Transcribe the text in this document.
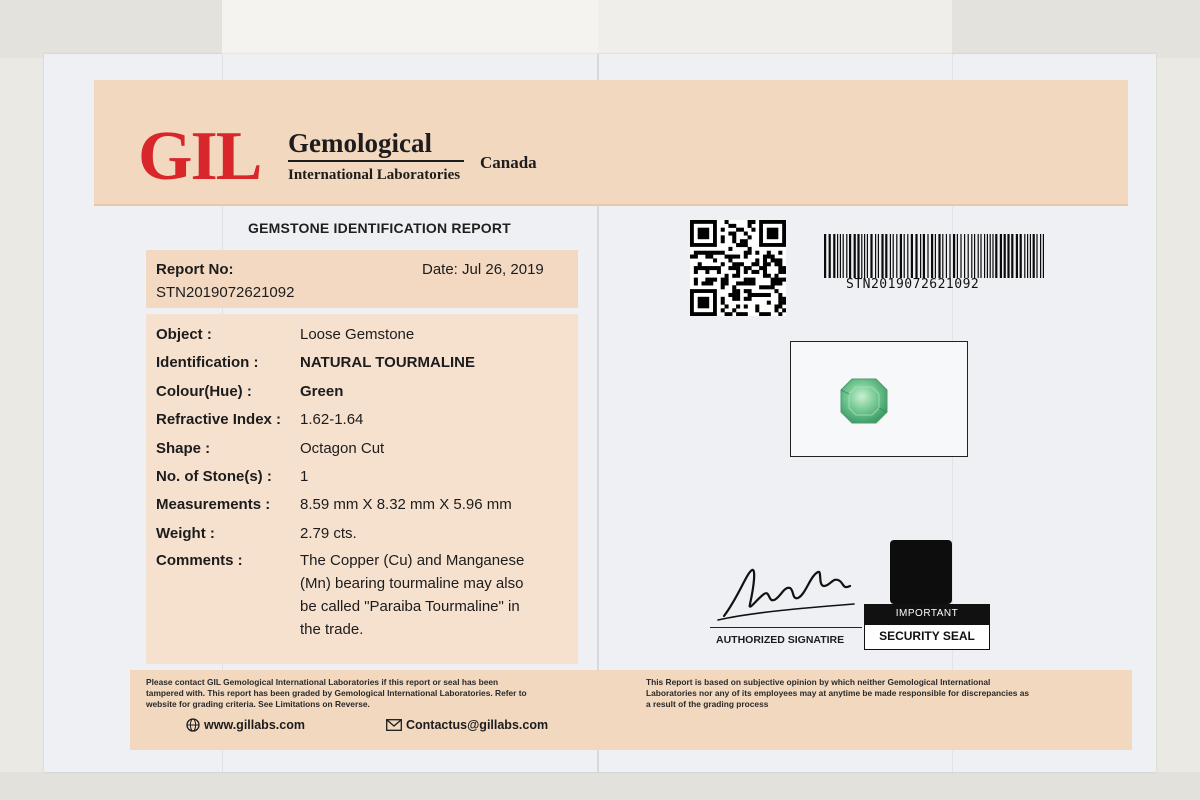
GIL Gemological
International Laboratories
Canada
GEMSTONE IDENTIFICATION REPORT
Report No:	Date: Jul 26, 2019
STN2019072621092
Object :	Loose Gemstone
Identification :	NATURAL TOURMALINE
Colour(Hue) :	Green
Refractive Index : 1.62-1.64
Shape :	Octagon Cut
No. of Stone(s) : 1
Measurements : 8.59 mm X 8.32 mm X 5.96 mm
Weight :	2.79 cts.
Comments :	The Copper (Cu) and Manganese
(Mn) bearing tourmaline may also
be called "Paraiba Tourmaline" in
the trade.
STN2019072621092
AUTHORIZED SIGNATIRE
IMPORTANT
SECURITY SEAL
Please contact GIL Gemological International Laboratories if this report or seal has been
tampered with. This report has been graded by Gemological International Laboratories. Refer to
website for grading criteria. See Limitations on Reverse.
This Report is based on subjective opinion by which neither Gemological International
Laboratories nor any of its employees may at anytime be made responsible for discrepancies as
a result of the grading process
www.gillabs.com	Contactus@gillabs.com
